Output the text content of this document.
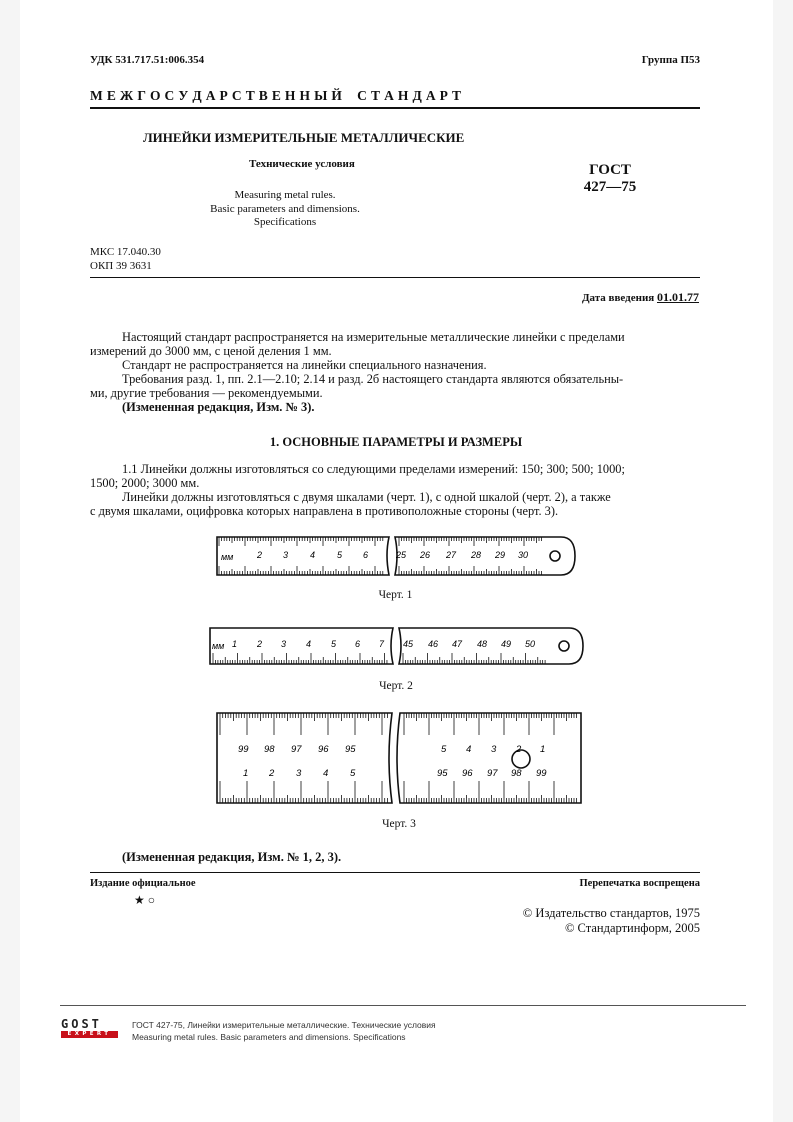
УДК 531.717.51:006.354	Группа П53
М Е Ж Г О С У Д А Р С Т В Е Н Н Ы Й    С Т А Н Д А Р Т
ЛИНЕЙКИ ИЗМЕРИТЕЛЬНЫЕ МЕТАЛЛИЧЕСКИЕ
Технические условия
Measuring metal rules.
Basic parameters and dimensions.
Specifications
ГОСТ
427—75
МКС 17.040.30
ОКП 39 3631
Дата введения 01.01.77

Настоящий стандарт распространяется на измерительные металлические линейки с пределами

измерений до 3000 мм, с ценой деления 1 мм.

Стандарт не распространяется на линейки специального назначения.

Требования разд. 1, пп. 2.1—2.10; 2.14 и разд. 2б настоящего стандарта являются обязательны-

ми, другие требования — рекомендуемыми.

(Измененная редакция, Изм. № 3).

1. ОСНОВНЫЕ ПАРАМЕТРЫ И РАЗМЕРЫ

1.1 Линейки должны изготовляться со следующими пределами измерений: 150; 300; 500; 1000;

1500; 2000; 3000 мм.

Линейки должны изготовляться с двумя шкалами (черт. 1), с одной шкалой (черт. 2), а также

с двумя шкалами, оцифровка которых направлена в противоположные стороны (черт. 3).

мм	2 3 4 5 6	25 26 27 28 29 30
Черт. 1
мм 1 2 3 4 5 6 7 45 46 47 48 49 50
Черт. 2
99 98 97 96 95	5 4 3 2 1
1 2 3 4 5	95 96 97 98 99
Черт. 3
(Измененная редакция, Изм. № 1, 2, 3).
Издание официальное	Перепечатка воспрещена
★ ○
© Издательство стандартов, 1975
© Стандартинформ, 2005
GOST
EXPERT
ГОСТ 427-75, Линейки измерительные металлические. Технические условия
Measuring metal rules. Basic parameters and dimensions. Specifications
